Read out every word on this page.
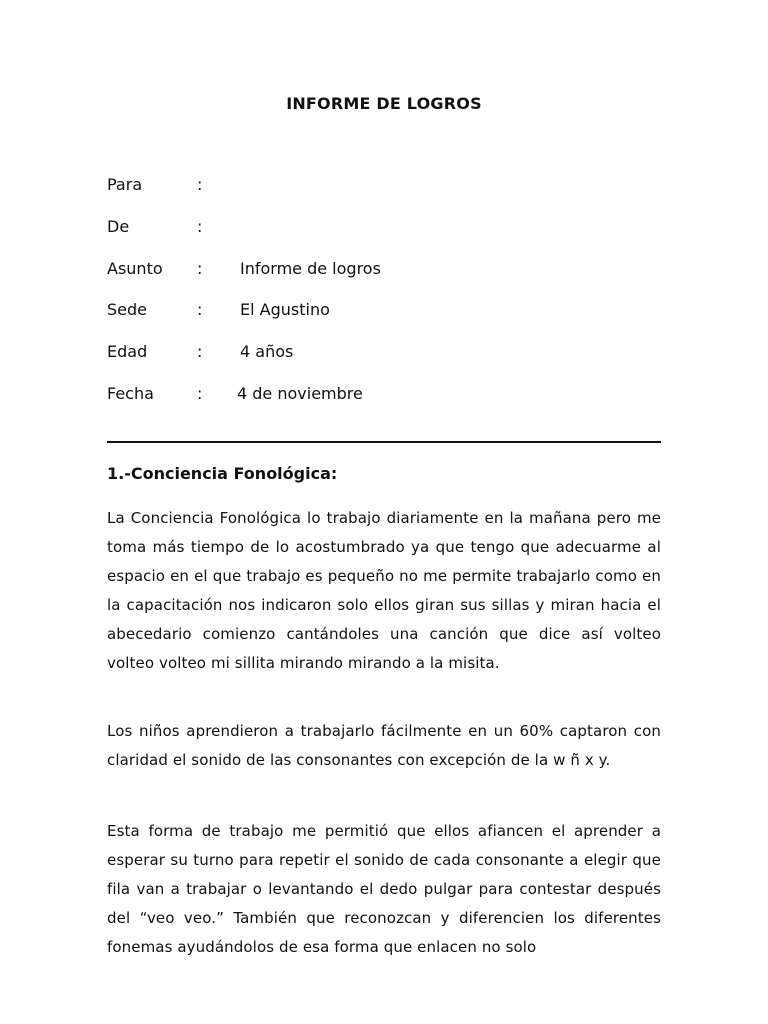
INFORME DE LOGROS
Para	:
De	:
Asunto : Informe de logros
Sede	: El Agustino
Edad	: 4 años
Fecha	: 4 de noviembre
1.-Conciencia Fonológica:

La Conciencia Fonológica lo trabajo diariamente en la mañana pero me toma más tiempo de lo acostumbrado ya que tengo que adecuarme al espacio en el que trabajo es pequeño no me permite trabajarlo como en la capacitación nos indicaron solo ellos giran sus sillas y miran hacia el abecedario comienzo cantándoles una canción que dice así volteo volteo volteo mi sillita mirando mirando a la misita.

Los niños aprendieron a trabajarlo fácilmente en un 60% captaron con claridad el sonido de las consonantes con excepción de la w ñ x y.

Esta forma de trabajo me permitió que ellos afiancen el aprender a esperar su turno para repetir el sonido de cada consonante a elegir que fila van a trabajar o levantando el dedo pulgar para contestar después del “veo veo.” También que reconozcan y diferencien los diferentes fonemas ayudándolos de esa forma que enlacen no solo
